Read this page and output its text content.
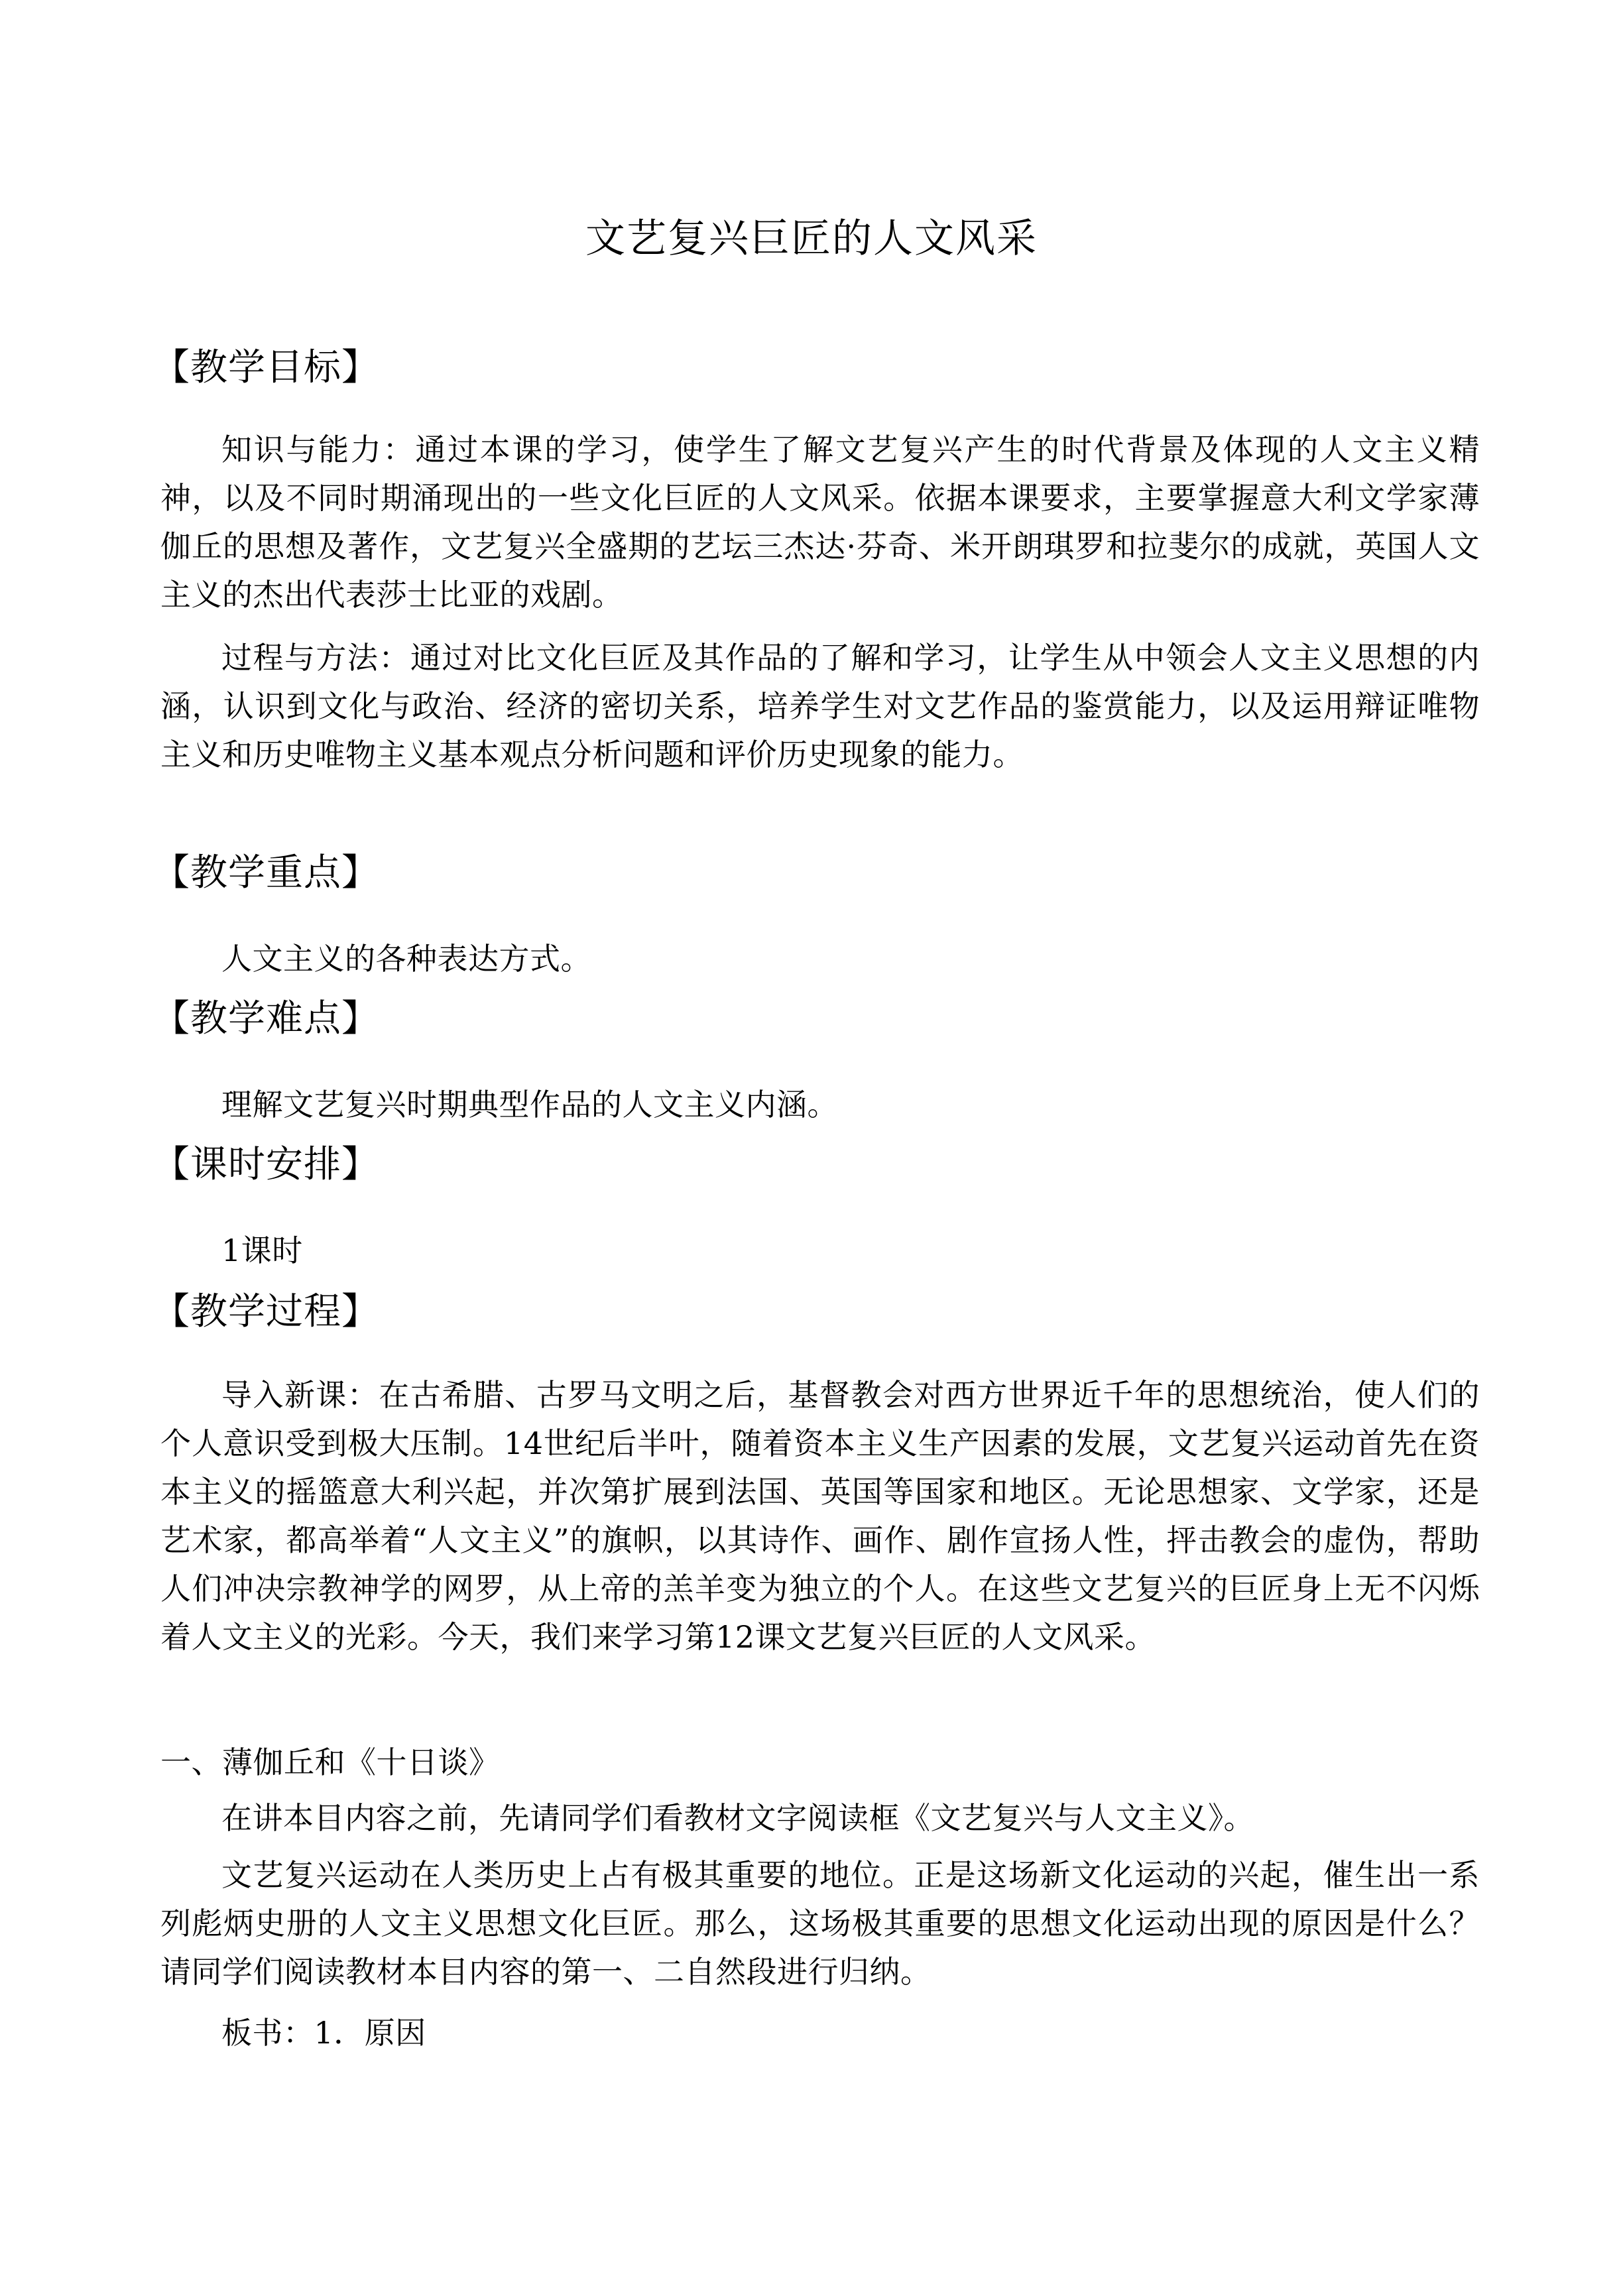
文艺复兴巨匠的人文风采
【教学目标】
知识与能力：通过本课的学习，使学生了解文艺复兴产生的时代背景及体现的人文主义精神，以及不同时期涌现出的一些文化巨匠的人文风采。依据本课要求，主要掌握意大利文学家薄伽丘的思想及著作，文艺复兴全盛期的艺坛三杰达·芬奇、米开朗琪罗和拉斐尔的成就，英国人文主义的杰出代表莎士比亚的戏剧。
过程与方法：通过对比文化巨匠及其作品的了解和学习，让学生从中领会人文主义思想的内涵，认识到文化与政治、经济的密切关系，培养学生对文艺作品的鉴赏能力，以及运用辩证唯物主义和历史唯物主义基本观点分析问题和评价历史现象的能力。
【教学重点】
人文主义的各种表达方式。
【教学难点】
理解文艺复兴时期典型作品的人文主义内涵。
【课时安排】
1课时
【教学过程】
导入新课：在古希腊、古罗马文明之后，基督教会对西方世界近千年的思想统治，使人们的个人意识受到极大压制。14世纪后半叶，随着资本主义生产因素的发展，文艺复兴运动首先在资本主义的摇篮意大利兴起，并次第扩展到法国、英国等国家和地区。无论思想家、文学家，还是艺术家，都高举着“人文主义”的旗帜，以其诗作、画作、剧作宣扬人性，抨击教会的虚伪，帮助人们冲决宗教神学的网罗，从上帝的羔羊变为独立的个人。在这些文艺复兴的巨匠身上无不闪烁着人文主义的光彩。今天，我们来学习第12课文艺复兴巨匠的人文风采。
一、薄伽丘和《十日谈》
在讲本目内容之前，先请同学们看教材文字阅读框《文艺复兴与人文主义》。
文艺复兴运动在人类历史上占有极其重要的地位。正是这场新文化运动的兴起，催生出一系列彪炳史册的人文主义思想文化巨匠。那么，这场极其重要的思想文化运动出现的原因是什么？请同学们阅读教材本目内容的第一、二自然段进行归纳。
板书：1．原因
